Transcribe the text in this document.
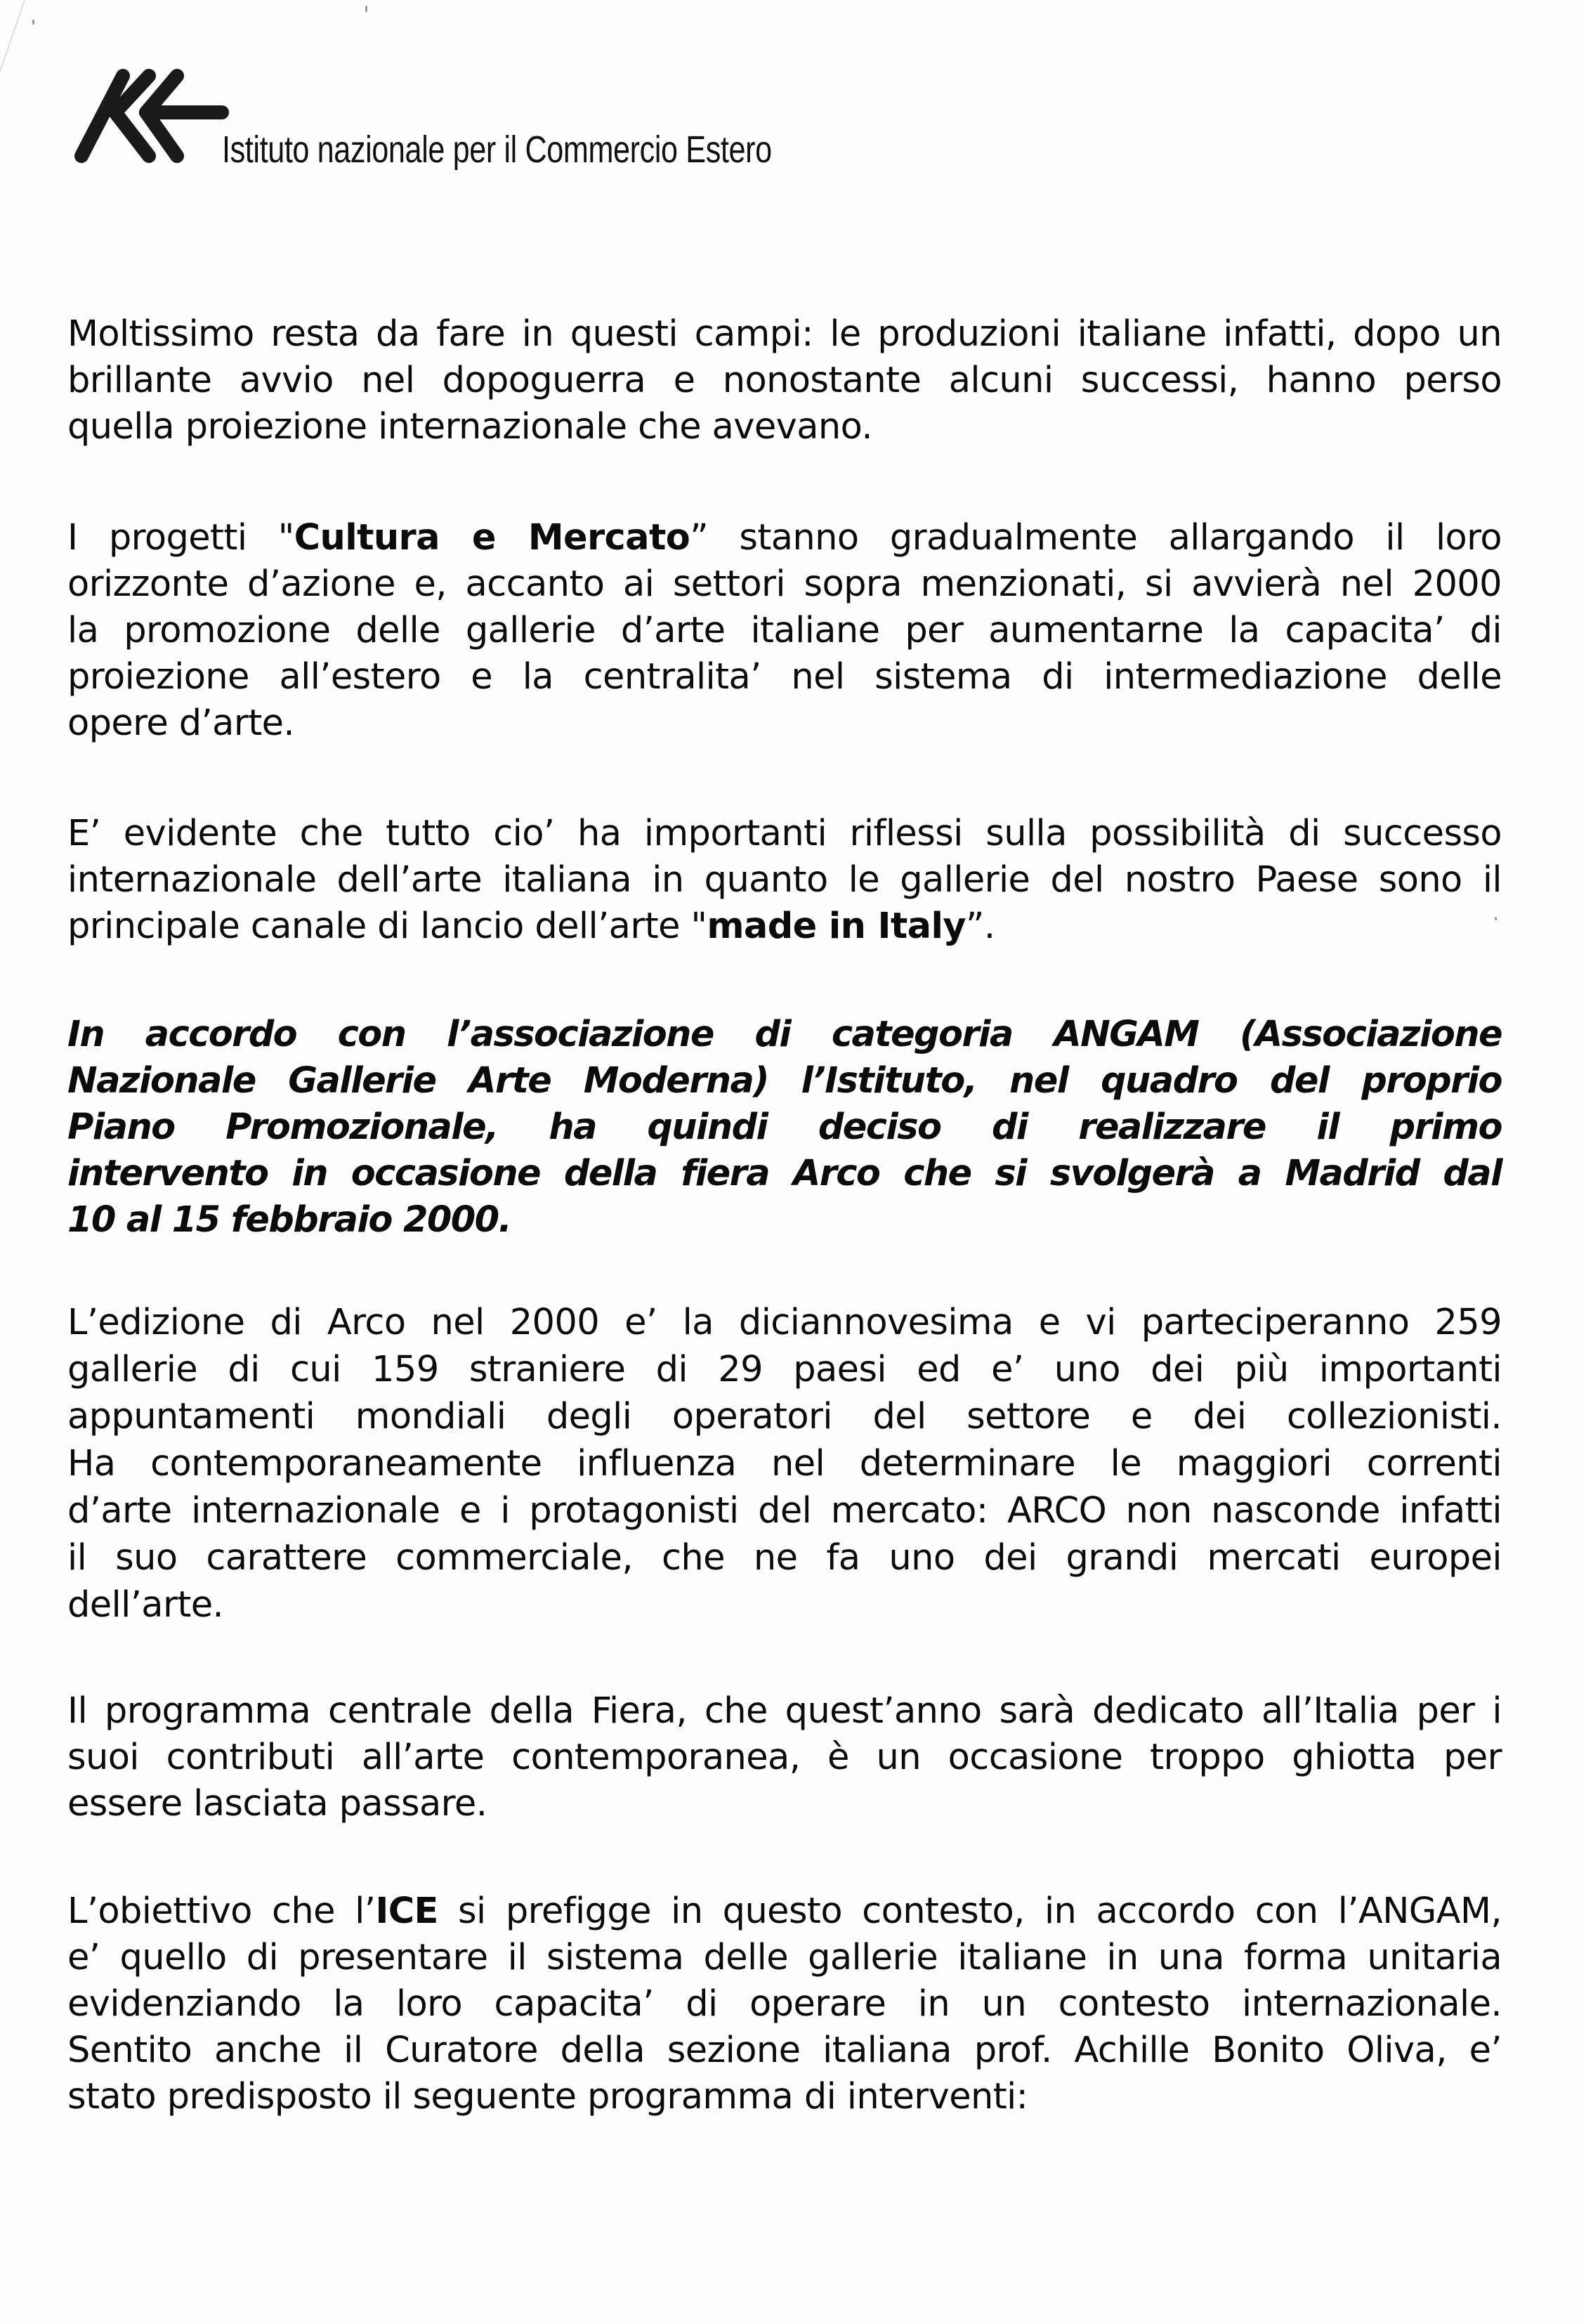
Istituto nazionale per il Commercio Estero
Moltissimo resta da fare in questi campi: le produzioni italiane infatti, dopo un
brillante avvio nel dopoguerra e nonostante alcuni successi, hanno perso
quella proiezione internazionale che avevano.
I progetti "Cultura e Mercato” stanno gradualmente allargando il loro
orizzonte d’azione e, accanto ai settori sopra menzionati, si avvierà nel 2000
la promozione delle gallerie d’arte italiane per aumentarne la capacita’ di
proiezione all’estero e la centralita’ nel sistema di intermediazione delle
opere d’arte.
E’ evidente che tutto cio’ ha importanti riflessi sulla possibilità di successo
internazionale dell’arte italiana in quanto le gallerie del nostro Paese sono il
principale canale di lancio dell’arte "made in Italy”.
In accordo con l’associazione di categoria ANGAM (Associazione
Nazionale Gallerie Arte Moderna) l’Istituto, nel quadro del proprio
Piano Promozionale, ha quindi deciso di realizzare il primo
intervento in occasione della fiera Arco che si svolgerà a Madrid dal
10 al 15 febbraio 2000.
L’edizione di Arco nel 2000 e’ la diciannovesima e vi parteciperanno 259
gallerie di cui 159 straniere di 29 paesi ed e’ uno dei più importanti
appuntamenti mondiali degli operatori del settore e dei collezionisti.
Ha contemporaneamente influenza nel determinare le maggiori correnti
d’arte internazionale e i protagonisti del mercato: ARCO non nasconde infatti
il suo carattere commerciale, che ne fa uno dei grandi mercati europei
dell’arte.
Il programma centrale della Fiera, che quest’anno sarà dedicato all’Italia per i
suoi contributi all’arte contemporanea, è un occasione troppo ghiotta per
essere lasciata passare.
L’obiettivo che l’ICE si prefigge in questo contesto, in accordo con l’ANGAM,
e’ quello di presentare il sistema delle gallerie italiane in una forma unitaria
evidenziando la loro capacita’ di operare in un contesto internazionale.
Sentito anche il Curatore della sezione italiana prof. Achille Bonito Oliva, e’
stato predisposto il seguente programma di interventi:
